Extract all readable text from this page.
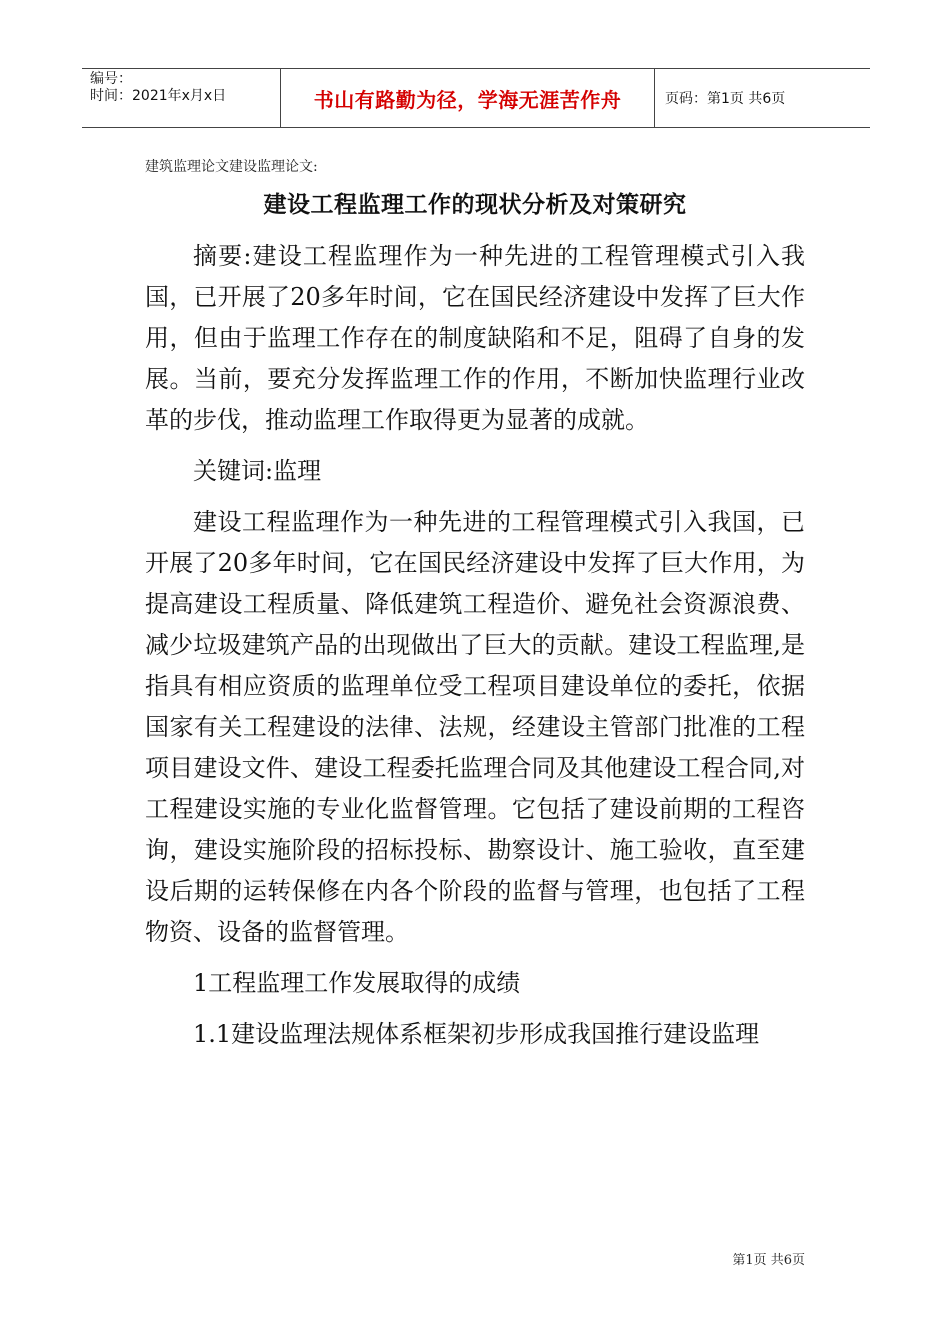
编号：
时间：2021年x月x日	书山有路勤为径，学海无涯苦作舟	页码：第1页 共6页
建筑监理论文建设监理论文:
建设工程监理工作的现状分析及对策研究

摘要:建设工程监理作为一种先进的工程管理模式引入我国，已开展了20多年时间，它在国民经济建设中发挥了巨大作用，但由于监理工作存在的制度缺陷和不足，阻碍了自身的发展。当前，要充分发挥监理工作的作用，不断加快监理行业改革的步伐，推动监理工作取得更为显著的成就。

关键词:监理

建设工程监理作为一种先进的工程管理模式引入我国，已开展了20多年时间，它在国民经济建设中发挥了巨大作用，为提高建设工程质量、降低建筑工程造价、避免社会资源浪费、减少垃圾建筑产品的出现做出了巨大的贡献。建设工程监理,是指具有相应资质的监理单位受工程项目建设单位的委托，依据国家有关工程建设的法律、法规，经建设主管部门批准的工程项目建设文件、建设工程委托监理合同及其他建设工程合同,对工程建设实施的专业化监督管理。它包括了建设前期的工程咨询，建设实施阶段的招标投标、勘察设计、施工验收，直至建设后期的运转保修在内各个阶段的监督与管理，也包括了工程物资、设备的监督管理。

1工程监理工作发展取得的成绩

1.1建设监理法规体系框架初步形成我国推行建设监理

第1页 共6页
